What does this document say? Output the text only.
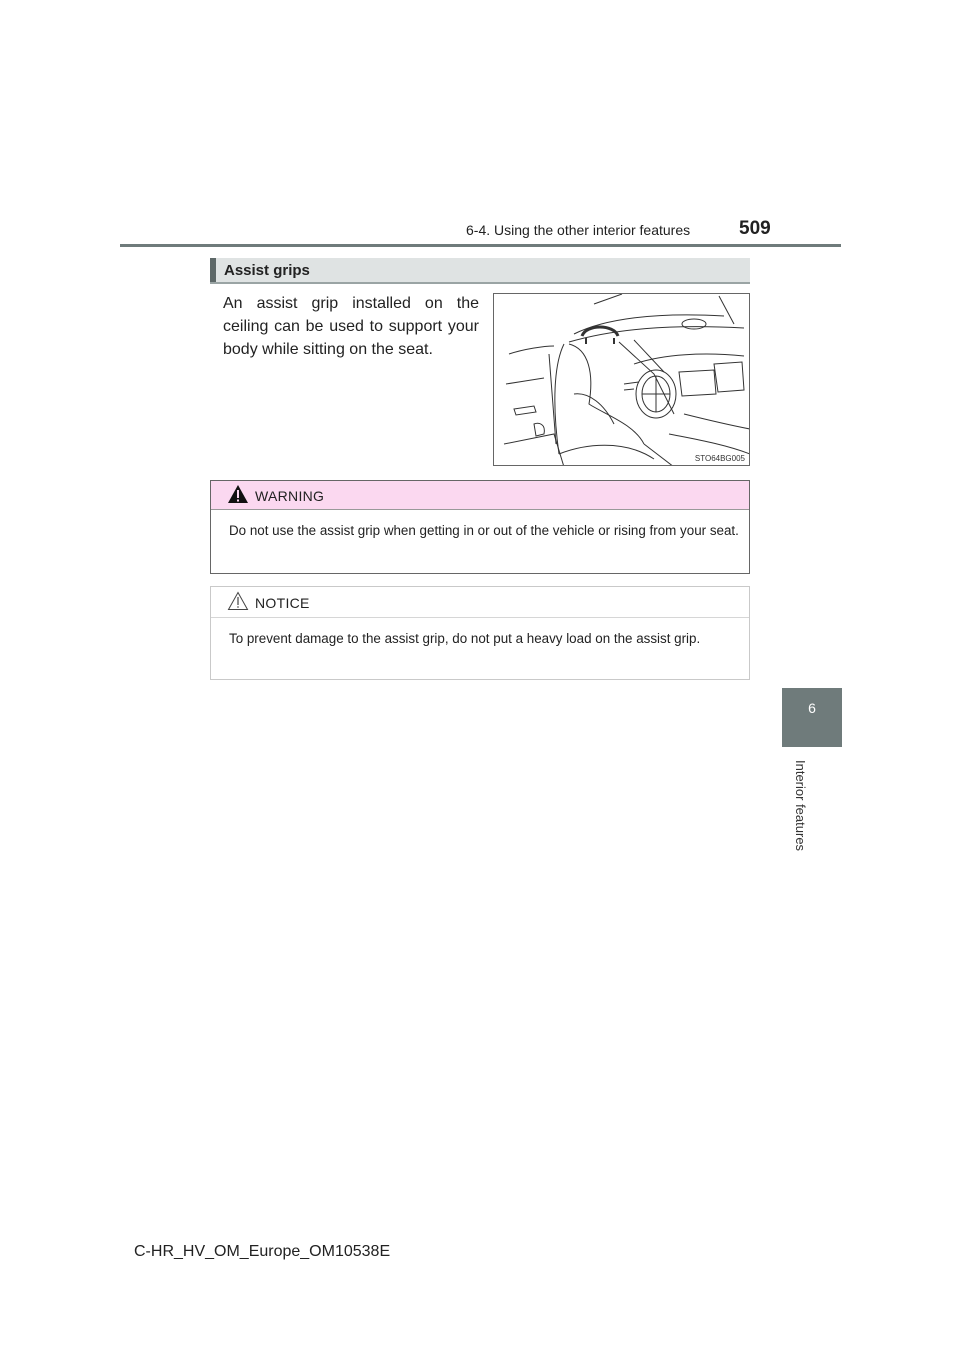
6-4. Using the other interior features	509
6
Interior features
Assist grips
An assist grip installed on the ceiling can be used to support your body while sitting on the seat.
STO64BG005
WARNING
Do not use the assist grip when getting in or out of the vehicle or rising from your seat.
NOTICE
To prevent damage to the assist grip, do not put a heavy load on the assist grip.
C-HR_HV_OM_Europe_OM10538E
